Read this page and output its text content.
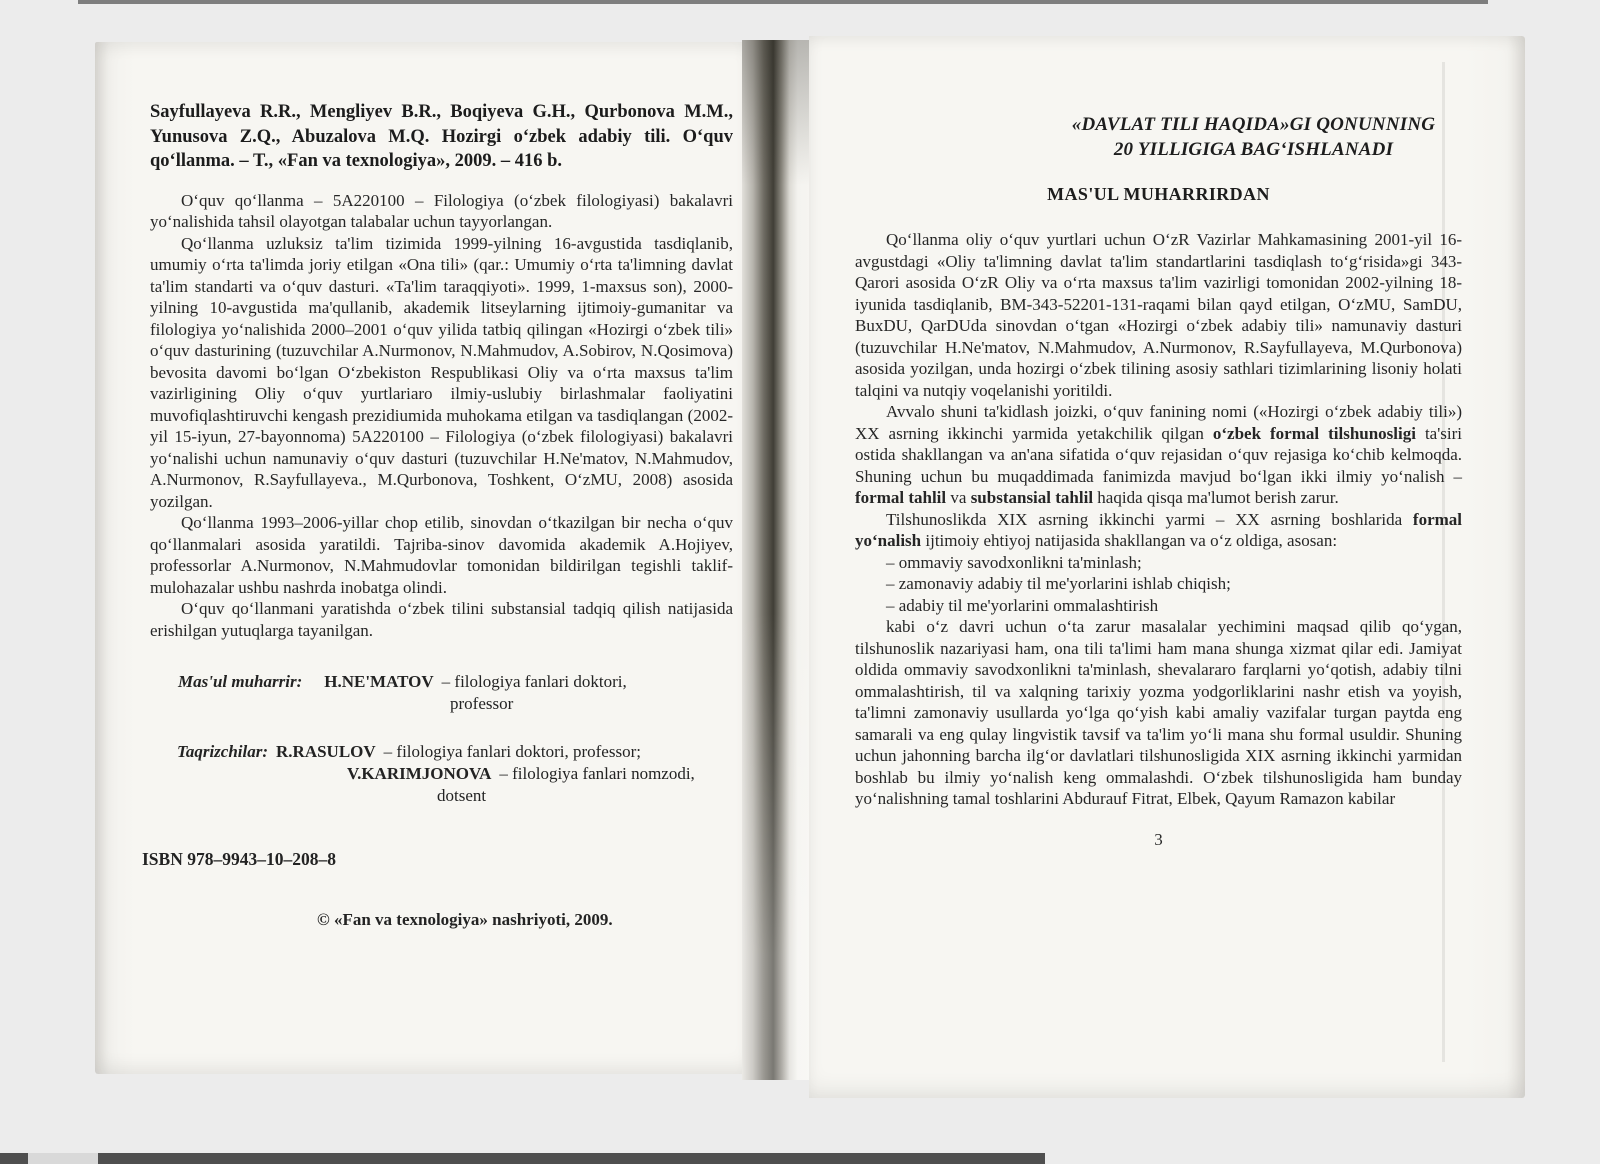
Sayfullayeva R.R., Mengliyev B.R., Boqiyeva G.H., Qurbonova M.M., Yunusova Z.Q., Abuzalova M.Q. Hozirgi oʻzbek adabiy tili. Oʻquv qoʻllanma. – T., «Fan va texnologiya», 2009. – 416 b.

Oʻquv qoʻllanma – 5A220100 – Filologiya (oʻzbek filologiyasi) bakalavri yoʻnalishida tahsil olayotgan talabalar uchun tayyorlangan.

Qoʻllanma uzluksiz ta'lim tizimida 1999-yilning 16-avgustida tasdiqlanib, umumiy oʻrta ta'limda joriy etilgan «Ona tili» (qar.: Umumiy oʻrta ta'limning davlat ta'lim standarti va oʻquv dasturi. «Ta'lim taraqqiyoti». 1999, 1-maxsus son), 2000-yilning 10-avgustida ma'qullanib, akademik litseylarning ijtimoiy-gumanitar va filologiya yoʻnalishida 2000–2001 oʻquv yilida tatbiq qilingan «Hozirgi oʻzbek tili» oʻquv dasturining (tuzuvchilar A.Nurmonov, N.Mahmudov, A.Sobirov, N.Qosimova) bevosita davomi boʻlgan Oʻzbekiston Respublikasi Oliy va oʻrta maxsus ta'lim vazirligining Oliy oʻquv yurtlariaro ilmiy-uslubiy birlashmalar faoliyatini muvofiqlashtiruvchi kengash prezidiumida muhokama etilgan va tasdiqlangan (2002-yil 15-iyun, 27-bayonnoma) 5A220100 – Filologiya (oʻzbek filologiyasi) bakalavri yoʻnalishi uchun namunaviy oʻquv dasturi (tuzuvchilar H.Ne'matov, N.Mahmudov, A.Nurmonov, R.Sayfullayeva., M.Qurbonova, Toshkent, OʻzMU, 2008) asosida yozilgan.

Qoʻllanma 1993–2006-yillar chop etilib, sinovdan oʻtkazilgan bir necha oʻquv qoʻllanmalari asosida yaratildi. Tajriba-sinov davomida akademik A.Hojiyev, professorlar A.Nurmonov, N.Mahmudovlar tomonidan bildirilgan tegishli taklif-mulohazalar ushbu nashrda inobatga olindi.

Oʻquv qoʻllanmani yaratishda oʻzbek tilini substansial tadqiq qilish natijasida erishilgan yutuqlarga tayanilgan.

Mas'ul muharrir: H.NE'MATOV – filologiya fanlari doktori,
professor
Taqrizchilar: R.RASULOV – filologiya fanlari doktori, professor;
V.KARIMJONOVA – filologiya fanlari nomzodi,
dotsent
ISBN 978–9943–10–208–8
© «Fan va texnologiya» nashriyoti, 2009.
«DAVLAT TILI HAQIDA»GI QONUNNING
20 YILLIGIGA BAGʻISHLANADI
MAS'UL MUHARRIRDAN

Qoʻllanma oliy oʻquv yurtlari uchun OʻzR Vazirlar Mahkamasining 2001-yil 16-avgustdagi «Oliy ta'limning davlat ta'lim standartlarini tasdiqlash toʻgʻrisida»gi 343-Qarori asosida OʻzR Oliy va oʻrta maxsus ta'lim vazirligi tomonidan 2002-yilning 18-iyunida tasdiqlanib, BM-343-52201-131-raqami bilan qayd etilgan, OʻzMU, SamDU, BuxDU, QarDUda sinovdan oʻtgan «Hozirgi oʻzbek adabiy tili» namunaviy dasturi (tuzuvchilar H.Ne'matov, N.Mahmudov, A.Nurmonov, R.Sayfullayeva, M.Qurbonova) asosida yozilgan, unda hozirgi oʻzbek tilining asosiy sathlari tizimlarining lisoniy holati talqini va nutqiy voqelanishi yoritildi.

Avvalo shuni ta'kidlash joizki, oʻquv fanining nomi («Hozirgi oʻzbek adabiy tili») XX asrning ikkinchi yarmida yetakchilik qilgan oʻzbek formal tilshunosligi ta'siri ostida shakllangan va an'ana sifatida oʻquv rejasidan oʻquv rejasiga koʻchib kelmoqda. Shuning uchun bu muqaddimada fanimizda mavjud boʻlgan ikki ilmiy yoʻnalish – formal tahlil va substansial tahlil haqida qisqa ma'lumot berish zarur.

Tilshunoslikda XIX asrning ikkinchi yarmi – XX asrning boshlarida formal yoʻnalish ijtimoiy ehtiyoj natijasida shakllangan va oʻz oldiga, asosan:

– ommaviy savodxonlikni ta'minlash;

– zamonaviy adabiy til me'yorlarini ishlab chiqish;

– adabiy til me'yorlarini ommalashtirish

kabi oʻz davri uchun oʻta zarur masalalar yechimini maqsad qilib qoʻygan, tilshunoslik nazariyasi ham, ona tili ta'limi ham mana shunga xizmat qilar edi. Jamiyat oldida ommaviy savodxonlikni ta'minlash, shevalararo farqlarni yoʻqotish, adabiy tilni ommalashtirish, til va xalqning tarixiy yozma yodgorliklarini nashr etish va yoyish, ta'limni zamonaviy usullarda yoʻlga qoʻyish kabi amaliy vazifalar turgan paytda eng samarali va eng qulay lingvistik tavsif va ta'lim yoʻli mana shu formal usuldir. Shuning uchun jahonning barcha ilgʻor davlatlari tilshunosligida XIX asrning ikkinchi yarmidan boshlab bu ilmiy yoʻnalish keng ommalashdi. Oʻzbek tilshunosligida ham bunday yoʻnalishning tamal toshlarini Abdurauf Fitrat, Elbek, Qayum Ramazon kabilar

3
